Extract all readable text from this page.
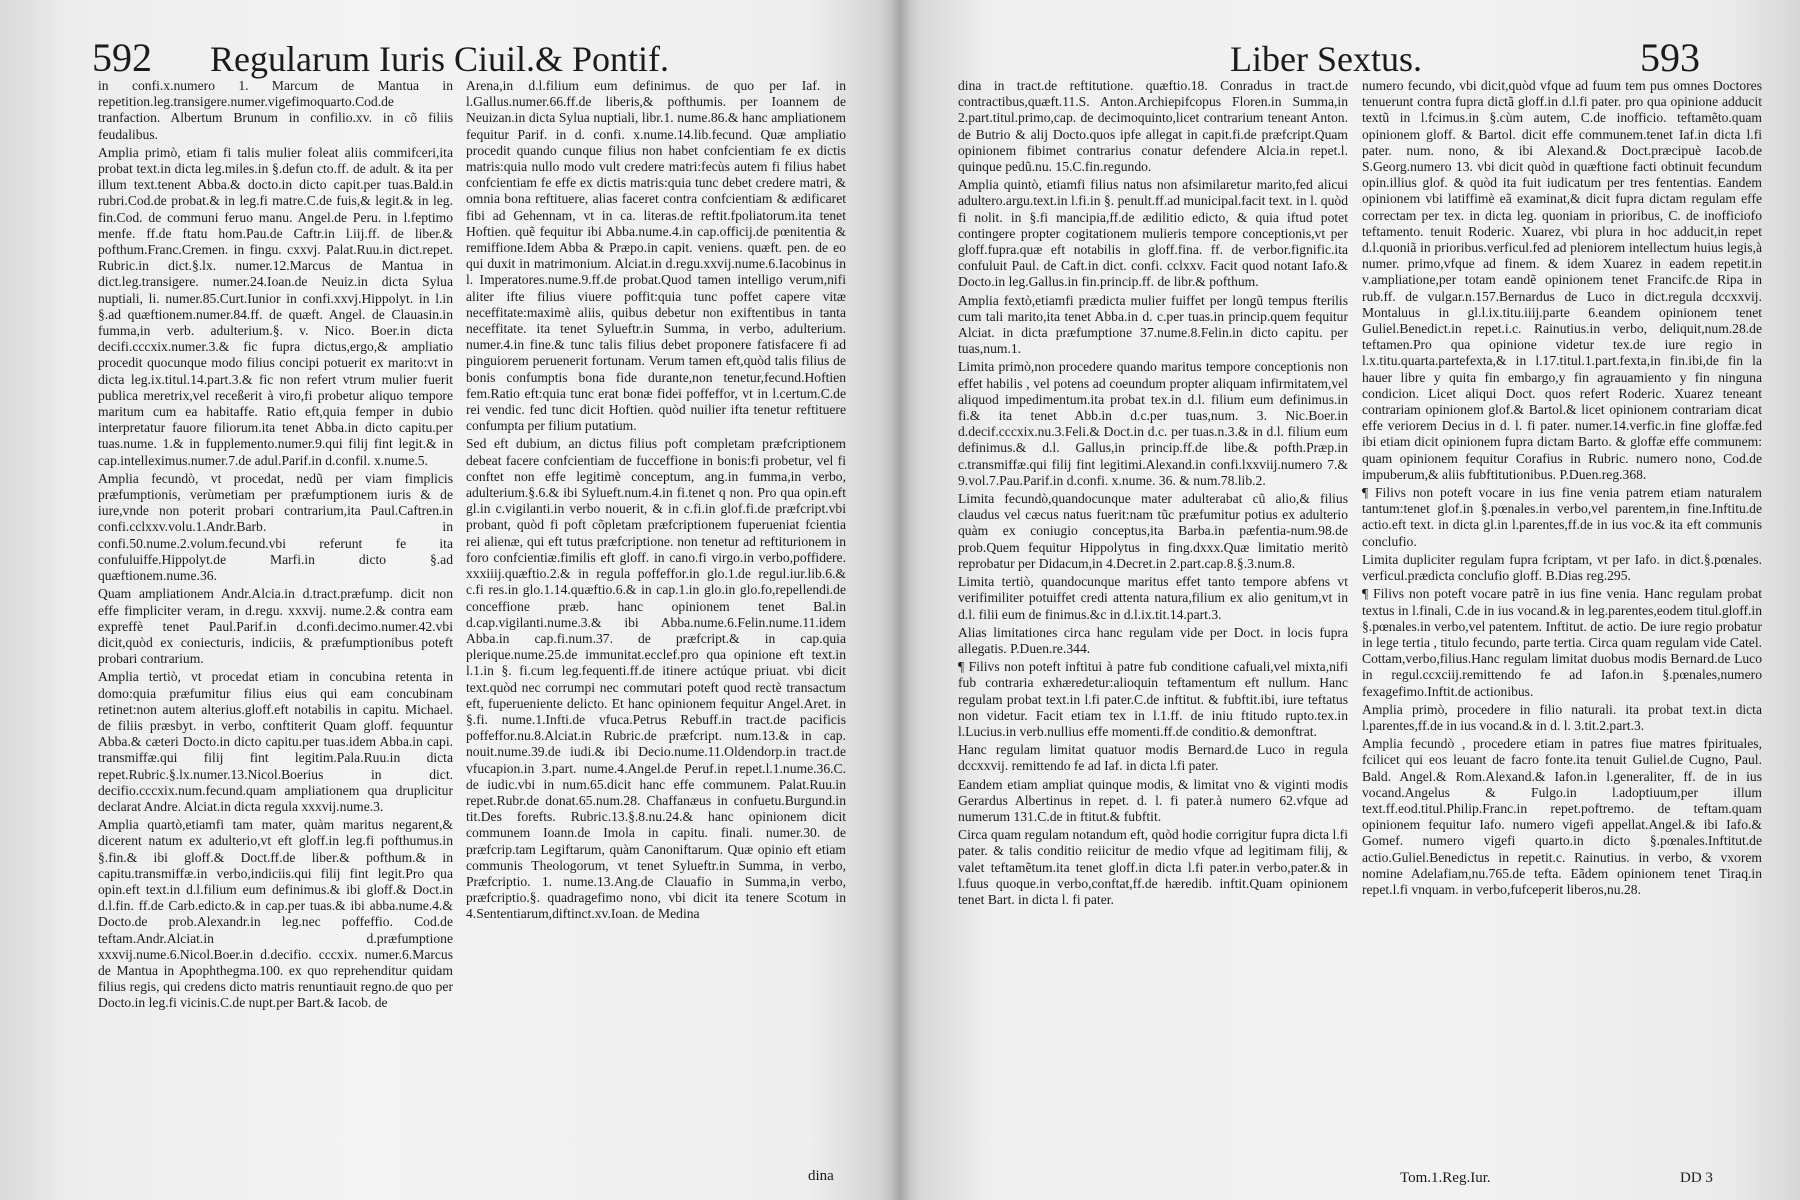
592 Regularum Iuris Ciuil.& Pontif.

in confi.x.numero 1. Marcum de Mantua in repetition.leg.transigere.numer.vigefimoquarto.Cod.de tranfaction. Albertum Brunum in confilio.xv. in cõ filiis feudalibus.

Amplia primò, etiam fi talis mulier foleat aliis commifceri,ita probat text.in dicta leg.miles.in §.defun cto.ff. de adult. & ita per illum text.tenent Abba.& docto.in dicto capit.per tuas.Bald.in rubri.Cod.de probat.& in leg.fi matre.C.de fuis,& legit.& in leg. fin.Cod. de communi feruo manu. Angel.de Peru. in l.feptimo menfe. ff.de ftatu hom.Pau.de Caftr.in l.iij.ff. de liber.& pofthum.Franc.Cremen. in fingu. cxxvj. Palat.Ruu.in dict.repet. Rubric.in dict.§.lx. numer.12.Marcus de Mantua in dict.leg.transigere. numer.24.Ioan.de Neuiz.in dicta Sylua nuptiali, li. numer.85.Curt.Iunior in confi.xxvj.Hippolyt. in l.in §.ad quæftionem.numer.84.ff. de quæft. Angel. de Clauasin.in fumma,in verb. adulterium.§. v. Nico. Boer.in dicta decifi.cccxix.numer.3.& fic fupra dictus,ergo,& ampliatio procedit quocunque modo filius concipi potuerit ex marito:vt in dicta leg.ix.titul.14.part.3.& fic non refert vtrum mulier fuerit publica meretrix,vel receßerit à viro,fi probetur aliquo tempore maritum cum ea habitaffe. Ratio eft,quia femper in dubio interpretatur fauore filiorum.ita tenet Abba.in dicto capitu.per tuas.nume. 1.& in fupplemento.numer.9.qui filij fint legit.& in cap.intelleximus.numer.7.de adul.Parif.in d.confil. x.nume.5.

Amplia fecundò, vt procedat, nedũ per viam fimplicis præfumptionis, verùmetiam per præfumptionem iuris & de iure,vnde non poterit probari contrarium,ita Paul.Caftren.in confi.cclxxv.volu.1.Andr.Barb. in confi.50.nume.2.volum.fecund.vbi referunt fe ita confuluiffe.Hippolyt.de Marfi.in dicto §.ad quæftionem.nume.36.

Quam ampliationem Andr.Alcia.in d.tract.præfump. dicit non effe fimpliciter veram, in d.regu. xxxvij. nume.2.& contra eam expreffè tenet Paul.Parif.in d.confi.decimo.numer.42.vbi dicit,quòd ex coniecturis, indiciis, & præfumptionibus poteft probari contrarium.

Amplia tertiò, vt procedat etiam in concubina retenta in domo:quia præfumitur filius eius qui eam concubinam retinet:non autem alterius.gloff.eft notabilis in capitu. Michael. de filiis præsbyt. in verbo, conftiterit Quam gloff. fequuntur Abba.& cæteri Docto.in dicto capitu.per tuas.idem Abba.in capi. transmiffæ.qui filij fint legitim.Pala.Ruu.in dicta repet.Rubric.§.lx.numer.13.Nicol.Boerius in dict. decifio.cccxix.num.fecund.quam ampliationem qua druplicitur declarat Andre. Alciat.in dicta regula xxxvij.nume.3.

Amplia quartò,etiamfi tam mater, quàm maritus negarent,& dicerent natum ex adulterio,vt eft gloff.in leg.fi pofthumus.in §.fin.& ibi gloff.& Doct.ff.de liber.& pofthum.& in capitu.transmiffæ.in verbo,indiciis.qui filij fint legit.Pro qua opin.eft text.in d.l.filium eum definimus.& ibi gloff.& Doct.in d.l.fin. ff.de Carb.edicto.& in cap.per tuas.& ibi abba.nume.4.& Docto.de prob.Alexandr.in leg.nec poffeffio. Cod.de teftam.Andr.Alciat.in d.præfumptione xxxvij.nume.6.Nicol.Boer.in d.decifio. cccxix. numer.6.Marcus de Mantua in Apophthegma.100. ex quo reprehenditur quidam filius regis, qui credens dicto matris renuntiauit regno.de quo per Docto.in leg.fi vicinis.C.de nupt.per Bart.& Iacob. de

Arena,in d.l.filium eum definimus. de quo per Iaf. in l.Gallus.numer.66.ff.de liberis,& pofthumis. per Ioannem de Neuizan.in dicta Sylua nuptiali, libr.1. nume.86.& hanc ampliationem fequitur Parif. in d. confi. x.nume.14.lib.fecund. Quæ ampliatio procedit quando cunque filius non habet confcientiam fe ex dictis matris:quia nullo modo vult credere matri:fecùs autem fi filius habet confcientiam fe effe ex dictis matris:quia tunc debet credere matri, & omnia bona reftituere, alias faceret contra confcientiam & ædificaret fibi ad Gehennam, vt in ca. literas.de reftit.fpoliatorum.ita tenet Hoftien. quẽ fequitur ibi Abba.nume.4.in cap.officij.de pœnitentia & remiffione.Idem Abba & Præpo.in capit. veniens. quæft. pen. de eo qui duxit in matrimonium. Alciat.in d.regu.xxvij.nume.6.Iacobinus in l. Imperatores.nume.9.ff.de probat.Quod tamen intelligo verum,nifi aliter ifte filius viuere poffit:quia tunc poffet capere vitæ neceffitate:maximè aliis, quibus debetur non exiftentibus in tanta neceffitate. ita tenet Sylueftr.in Summa, in verbo, adulterium. numer.4.in fine.& tunc talis filius debet proponere fatisfacere fi ad pinguiorem peruenerit fortunam. Verum tamen eft,quòd talis filius de bonis confumptis bona fide durante,non tenetur,fecund.Hoftien fem.Ratio eft:quia tunc erat bonæ fidei poffeffor, vt in l.certum.C.de rei vendic. fed tunc dicit Hoftien. quòd nuilier ifta tenetur reftituere confumpta per filium putatium.

Sed eft dubium, an dictus filius poft completam præfcriptionem debeat facere confcientiam de fucceffione in bonis:fi probetur, vel fi conftet non effe legitimè conceptum, ang.in fumma,in verbo, adulterium.§.6.& ibi Sylueft.num.4.in fi.tenet q non. Pro qua opin.eft gl.in c.vigilanti.in verbo nouerit, & in c.fi.in glof.fi.de præfcript.vbi probant, quòd fi poft cõpletam præfcriptionem fuperueniat fcientia rei alienæ, qui eft tutus præfcriptione. non tenetur ad reftiturionem in foro confcientiæ.fimilis eft gloff. in cano.fi virgo.in verbo,poffidere. xxxiiij.quæftio.2.& in regula poffeffor.in glo.1.de regul.iur.lib.6.& c.fi res.in glo.1.14.quæftio.6.& in cap.1.in glo.in glo.fo,repellendi.de conceffione præb. hanc opinionem tenet Bal.in d.cap.vigilanti.nume.3.& ibi Abba.nume.6.Felin.nume.11.idem Abba.in cap.fi.num.37. de præfcript.& in cap.quia plerique.nume.25.de immunitat.ecclef.pro qua opinione eft text.in l.1.in §. fi.cum leg.fequenti.ff.de itinere actúque priuat. vbi dicit text.quòd nec corrumpi nec commutari poteft quod rectè transactum eft, fuperueniente delicto. Et hanc opinionem fequitur Angel.Aret. in §.fi. nume.1.Infti.de vfuca.Petrus Rebuff.in tract.de pacificis poffeffor.nu.8.Alciat.in Rubric.de præfcript. num.13.& in cap. nouit.nume.39.de iudi.& ibi Decio.nume.11.Oldendorp.in tract.de vfucapion.in 3.part. nume.4.Angel.de Peruf.in repet.l.1.nume.36.C. de iudic.vbi in num.65.dicit hanc effe communem. Palat.Ruu.in repet.Rubr.de donat.65.num.28. Chaffanæus in confuetu.Burgund.in tit.Des forefts. Rubric.13.§.8.nu.24.& hanc opinionem dicit communem Ioann.de Imola in capitu. finali. numer.30. de præfcrip.tam Legiftarum, quàm Canoniftarum. Quæ opinio eft etiam communis Theologorum, vt tenet Sylueftr.in Summa, in verbo, Præfcriptio. 1. nume.13.Ang.de Clauafio in Summa,in verbo, præfcriptio.§. quadragefimo nono, vbi dicit ita tenere Scotum in 4.Sententiarum,diftinct.xv.Ioan. de Medina

dina
Liber Sextus.	593

dina in tract.de reftitutione. quæftio.18. Conradus in tract.de contractibus,quæft.11.S. Anton.Archiepifcopus Floren.in Summa,in 2.part.titul.primo,cap. de decimoquinto,licet contrarium teneant Anton. de Butrio & alij Docto.quos ipfe allegat in capit.fi.de præfcript.Quam opinionem fibimet contrarius conatur defendere Alcia.in repet.l. quinque pedũ.nu. 15.C.fin.regundo.

Amplia quintò, etiamfi filius natus non afsimilaretur marito,fed alicui adultero.argu.text.in l.fi.in §. penult.ff.ad municipal.facit text. in l. quòd fi nolit. in §.fi mancipia,ff.de ædilitio edicto, & quia iftud potet contingere propter cogitationem mulieris tempore conceptionis,vt per gloff.fupra.quæ eft notabilis in gloff.fina. ff. de verbor.fignific.ita confuluit Paul. de Caft.in dict. confi. cclxxv. Facit quod notant Iafo.& Docto.in leg.Gallus.in fin.princip.ff. de libr.& pofthum.

Amplia fextò,etiamfi prædicta mulier fuiffet per longũ tempus fterilis cum tali marito,ita tenet Abba.in d. c.per tuas.in princip.quem fequitur Alciat. in dicta præfumptione 37.nume.8.Felin.in dicto capitu. per tuas,num.1.

Limita primò,non procedere quando maritus tempore conceptionis non effet habilis , vel potens ad coeundum propter aliquam infirmitatem,vel aliquod impedimentum.ita probat tex.in d.l. filium eum definimus.in fi.& ita tenet Abb.in d.c.per tuas,num. 3. Nic.Boer.in d.decif.cccxix.nu.3.Feli.& Doct.in d.c. per tuas.n.3.& in d.l. filium eum definimus.& d.l. Gallus,in princip.ff.de libe.& pofth.Præp.in c.transmiffæ.qui filij fint legitimi.Alexand.in confi.lxxviij.numero 7.& 9.vol.7.Pau.Parif.in d.confi. x.nume. 36. & num.78.lib.2.

Limita fecundò,quandocunque mater adulterabat cũ alio,& filius claudus vel cæcus natus fuerit:nam tũc præfumitur potius ex adulterio quàm ex coniugio conceptus,ita Barba.in pæfentia-num.98.de prob.Quem fequitur Hippolytus in fing.dxxx.Quæ limitatio meritò reprobatur per Didacum,in 4.Decret.in 2.part.cap.8.§.3.num.8.

Limita tertiò, quandocunque maritus effet tanto tempore abfens vt verifimiliter potuiffet credi attenta natura,filium ex alio genitum,vt in d.l. filii eum de finimus.&c in d.l.ix.tit.14.part.3.

Alias limitationes circa hanc regulam vide per Doct. in locis fupra allegatis. P.Duen.re.344.

¶ Filivs non poteft inftitui à patre fub conditione cafuali,vel mixta,nifi fub contraria exhæredetur:alioquin teftamentum eft nullum. Hanc regulam probat text.in l.fi pater.C.de inftitut. & fubftit.ibi, iure teftatus non videtur. Facit etiam tex in l.1.ff. de iniu ftitudo rupto.tex.in l.Lucius.in verb.nullius effe momenti.ff.de conditio.& demonftrat.

Hanc regulam limitat quatuor modis Bernard.de Luco in regula dccxxvij. remittendo fe ad Iaf. in dicta l.fi pater.

Eandem etiam ampliat quinque modis, & limitat vno & viginti modis Gerardus Albertinus in repet. d. l. fi pater.à numero 62.vfque ad numerum 131.C.de in ftitut.& fubftit.

Circa quam regulam notandum eft, quòd hodie corrigitur fupra dicta l.fi pater. & talis conditio reiicitur de medio vfque ad legitimam filij, & valet teftamẽtum.ita tenet gloff.in dicta l.fi pater.in verbo,pater.& in l.fuus quoque.in verbo,conftat,ff.de hæredib. inftit.Quam opinionem tenet Bart. in dicta l. fi pater.

numero fecundo, vbi dicit,quòd vfque ad fuum tem pus omnes Doctores tenuerunt contra fupra dictã gloff.in d.l.fi pater. pro qua opinione adducit textũ in l.fcimus.in §.cùm autem, C.de inofficio. teftamẽto.quam opinionem gloff. & Bartol. dicit effe communem.tenet Iaf.in dicta l.fi pater. num. nono, & ibi Alexand.& Doct.præcipuè Iacob.de S.Georg.numero 13. vbi dicit quòd in quæftione facti obtinuit fecundum opin.illius glof. & quòd ita fuit iudicatum per tres fententias. Eandem opinionem vbi latiffimè eã examinat,& dicit fupra dictam regulam effe correctam per tex. in dicta leg. quoniam in prioribus, C. de inofficiofo teftamento. tenuit Roderic. Xuarez, vbi plura in hoc adducit,in repet d.l.quoniã in prioribus.verficul.fed ad pleniorem intellectum huius legis,à numer. primo,vfque ad finem. & idem Xuarez in eadem repetit.in v.ampliatione,per totam eandẽ opinionem tenet Francifc.de Ripa in rub.ff. de vulgar.n.157.Bernardus de Luco in dict.regula dccxxvij. Montaluus in gl.l.ix.titu.iiij.parte 6.eandem opinionem tenet Guliel.Benedict.in repet.i.c. Rainutius.in verbo, deliquit,num.28.de teftamen.Pro qua opinione videtur tex.de iure regio in l.x.titu.quarta.partefexta,& in l.17.titul.1.part.fexta,in fin.ibi,de fin la hauer libre y quita fin embargo,y fin agrauamiento y fin ninguna condicion. Licet aliqui Doct. quos refert Roderic. Xuarez teneant contrariam opinionem glof.& Bartol.& licet opinionem contrariam dicat effe veriorem Decius in d. l. fi pater. numer.14.verfic.in fine gloffæ.fed ibi etiam dicit opinionem fupra dictam Barto. & gloffæ effe communem: quam opinionem fequitur Corafius in Rubric. numero nono, Cod.de impuberum,& aliis fubftitutionibus. P.Duen.reg.368.

¶ Filivs non poteft vocare in ius fine venia patrem etiam naturalem tantum:tenet glof.in §.pœnales.in verbo,vel parentem,in fine.Inftitu.de actio.eft text. in dicta gl.in l.parentes,ff.de in ius voc.& ita eft communis conclufio.

Limita dupliciter regulam fupra fcriptam, vt per Iafo. in dict.§.pœnales. verficul.prædicta conclufio gloff. B.Dias reg.295.

¶ Filivs non poteft vocare patrẽ in ius fine venia. Hanc regulam probat textus in l.finali, C.de in ius vocand.& in leg.parentes,eodem titul.gloff.in §.pœnales.in verbo,vel patentem. Inftitut. de actio. De iure regio probatur in lege tertia , titulo fecundo, parte tertia. Circa quam regulam vide Catel. Cottam,verbo,filius.Hanc regulam limitat duobus modis Bernard.de Luco in regul.ccxciij.remittendo fe ad Iafon.in §.pœnales,numero fexagefimo.Inftit.de actionibus.

Amplia primò, procedere in filio naturali. ita probat text.in dicta l.parentes,ff.de in ius vocand.& in d. l. 3.tit.2.part.3.

Amplia fecundò , procedere etiam in patres fiue matres fpirituales, fcilicet qui eos leuant de facro fonte.ita tenuit Guliel.de Cugno, Paul. Bald. Angel.& Rom.Alexand.& Iafon.in l.generaliter, ff. de in ius vocand.Angelus & Fulgo.in l.adoptiuum,per illum text.ff.eod.titul.Philip.Franc.in repet.poftremo. de teftam.quam opinionem fequitur Iafo. numero vigefi appellat.Angel.& ibi Iafo.& Gomef. numero vigefi quarto.in dicto §.pœnales.Inftitut.de actio.Guliel.Benedictus in repetit.c. Rainutius. in verbo, & vxorem nomine Adelafiam,nu.765.de tefta. Eãdem opinionem tenet Tiraq.in repet.l.fi vnquam. in verbo,fufceperit liberos,nu.28.

Tom.1.Reg.Iur.	DD 3
